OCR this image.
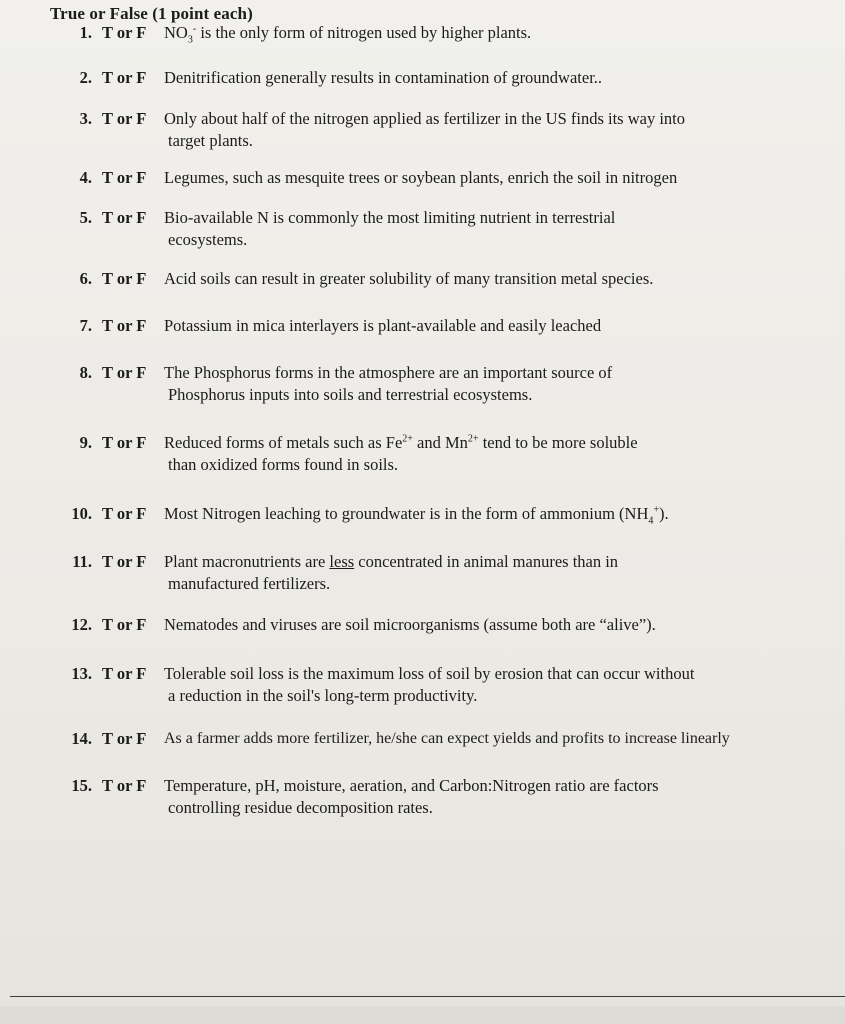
True or False (1 point each)
1. T or F $NO_3^-$ is the only form of nitrogen used by higher plants.
2. T or F Denitrification generally results in contamination of groundwater..
3. T or F Only about half of the nitrogen applied as fertilizer in the US finds its way into
target plants.
4. T or F Legumes, such as mesquite trees or soybean plants, enrich the soil in nitrogen
5. T or F Bio-available N is commonly the most limiting nutrient in terrestrial
ecosystems.
6. T or F Acid soils can result in greater solubility of many transition metal species.
7. T or F Potassium in mica interlayers is plant-available and easily leached
8. T or F The Phosphorus forms in the atmosphere are an important source of
Phosphorus inputs into soils and terrestrial ecosystems.
9. T or F Reduced forms of metals such as $Fe^{2+}$ and $Mn^{2+}$ tend to be more soluble
than oxidized forms found in soils.
10. T or F Most Nitrogen leaching to groundwater is in the form of ammonium $(NH_4^+)$.
11. T or F Plant macronutrients are less concentrated in animal manures than in
manufactured fertilizers.
12. T or F Nematodes and viruses are soil microorganisms (assume both are “alive”).
13. T or F Tolerable soil loss is the maximum loss of soil by erosion that can occur without
a reduction in the soil's long-term productivity.
14. T or F As a farmer adds more fertilizer, he/she can expect yields and profits to increase linearly
15. T or F Temperature, pH, moisture, aeration, and Carbon:Nitrogen ratio are factors
controlling residue decomposition rates.
